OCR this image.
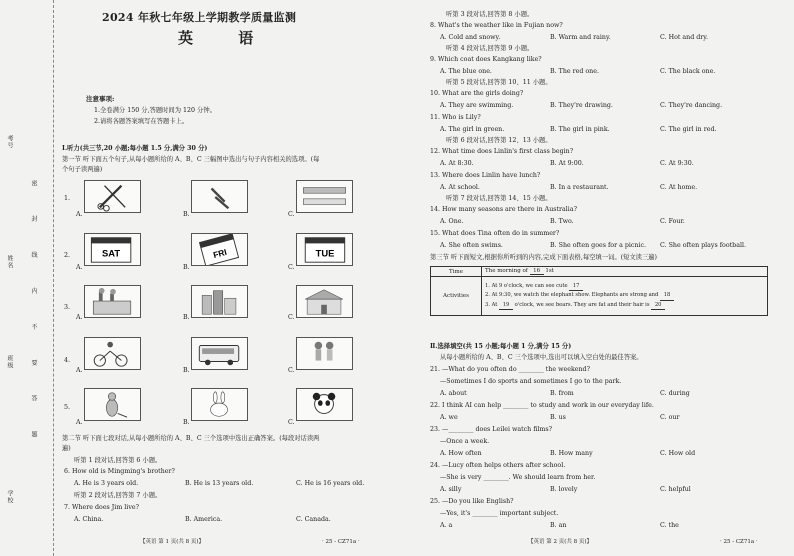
考号
姓名
班级
学校
密 封 线 内 不 要 答 题
2024 年秋七年级上学期教学质量监测
英 语
注意事项:
1.全卷满分 150 分,答题时间为 120 分钟。
2.请将各题答案填写在答题卡上。
Ⅰ.听力(共三节,20 小题;每小题 1.5 分,满分 30 分)
第一节 听下面五个句子,从每小题所给的 A、B、C 三幅图中选出与句子内容相关的选项。(每
个句子读两遍)
1.
2.
3.
4.
5.
A.	B.	C.
A.	B.	C.
A.	B.	C.
A.	B.	C.
A.	B.	C.
SAT	FRI	TUE
第二节 听下面七段对话,从每小题所给的 A、B、C 三个选项中选出正确答案。(每段对话读两
遍)
听第 1 段对话,回答第 6 小题。
6. How old is Mingming's brother?
A. He is 3 years old.	B. He is 13 years old.	C. He is 16 years old.
听第 2 段对话,回答第 7 小题。
7. Where does Jim live?
A. China.	B. America.	C. Canada.
【英语 第 1 页(共 8 页)】	· 25 - CZ71a ·
听第 3 段对话,回答第 8 小题。
8. What's the weather like in Fujian now?
A. Cold and snowy.	B. Warm and rainy.	C. Hot and dry.
听第 4 段对话,回答第 9 小题。
9. Which coat does Kangkang like?
A. The blue one.	B. The red one.	C. The black one.
听第 5 段对话,回答第 10、11 小题。
10. What are the girls doing?
A. They are swimming.	B. They're drawing.	C. They're dancing.
11. Who is Lily?
A. The girl in green.	B. The girl in pink.	C. The girl in red.
听第 6 段对话,回答第 12、13 小题。
12. What time does Linlin's first class begin?
A. At 8:30.	B. At 9:00.	C. At 9:30.
13. Where does Linlin have lunch?
A. At school.	B. In a restaurant.	C. At home.
听第 7 段对话,回答第 14、15 小题。
14. How many seasons are there in Australia?
A. One.	B. Two.	C. Four.
15. What does Tina often do in summer?
A. She often swims.	B. She often goes for a picnic. C. She often plays football.
第三节 听下面短文,根据你所听到的内容,完成下面表格,每空填一词。(短文读三遍)
Time	The morning of 16 1st
Activities	1. At 9 o'clock, we can see cute 17
2. At 9:30, we watch the elephant show. Elephants are strong and 18
3. At 19 o'clock, we see bears. They are fat and their hair is 20
Ⅱ.选择填空(共 15 小题;每小题 1 分,满分 15 分)
从每小题所给的 A、B、C 三个选项中,选出可以填入空白处的最佳答案。
21. —What do you often do ________ the weekend?
—Sometimes I do sports and sometimes I go to the park.
A. about	B. from	C. during
22. I think AI can help ________ to study and work in our everyday life.
A. we	B. us	C. our
23. —________ does Leilei watch films?
—Once a week.
A. How often	B. How many	C. How old
24. —Lucy often helps others after school.
—She is very ________. We should learn from her.
A. silly	B. lovely	C. helpful
25. —Do you like English?
—Yes, it's ________ important subject.
A. a	B. an	C. the
【英语 第 2 页(共 8 页)】	· 25 - CZ71a ·
